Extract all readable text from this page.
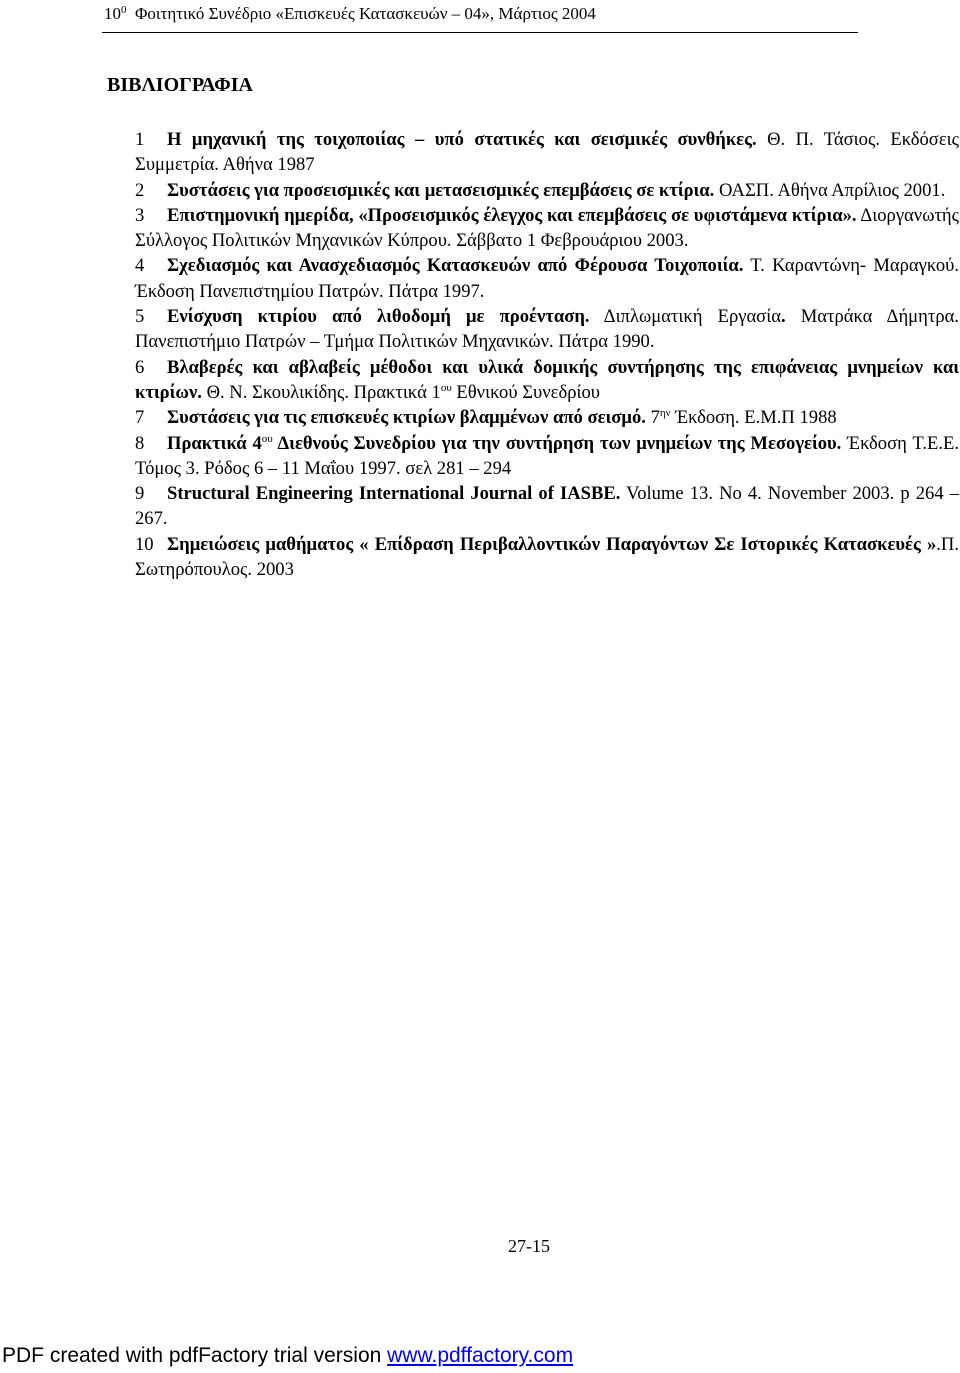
$10^0$ Φοιτητικό Συνέδριο «Επισκευές Κατασκευών – 04», Μάρτιος 2004
ΒΙΒΛΙΟΓΡΑΦΙΑ

1 Η μηχανική της τοιχοποιίας – υπό στατικές και σεισμικές συνθήκες. Θ. Π. Τάσιος. Εκδόσεις Συμμετρία. Αθήνα 1987

2 Συστάσεις για προσεισμικές και μετασεισμικές επεμβάσεις σε κτίρια. ΟΑΣΠ. Αθήνα Απρίλιος 2001.

3 Επιστημονική ημερίδα, «Προσεισμικός έλεγχος και επεμβάσεις σε υφιστάμενα κτίρια». Διοργανωτής Σύλλογος Πολιτικών Μηχανικών Κύπρου. Σάββατο 1 Φεβρουάριου 2003.

4 Σχεδιασμός και Ανασχεδιασμός Κατασκευών από Φέρουσα Τοιχοποιία. Τ. Καραντώνη- Μαραγκού. Έκδοση Πανεπιστημίου Πατρών. Πάτρα 1997.

5 Ενίσχυση κτιρίου από λιθοδομή με προένταση. Διπλωματική Εργασία. Ματράκα Δήμητρα. Πανεπιστήμιο Πατρών – Τμήμα Πολιτικών Μηχανικών. Πάτρα 1990.

6 Βλαβερές και αβλαβείς μέθοδοι και υλικά δομικής συντήρησης της επιφάνειας μνημείων και κτιρίων. Θ. Ν. Σκουλικίδης. Πρακτικά $1^{o\upsilon}$ Εθνικού Συνεδρίου

7 Συστάσεις για τις επισκευές κτιρίων βλαμμένων από σεισμό. $7^{\eta\nu}$ Έκδοση. Ε.Μ.Π 1988

8 Πρακτικά $4^{o\upsilon}$ Διεθνούς Συνεδρίου για την συντήρηση των μνημείων της Μεσογείου. Έκδοση Τ.Ε.Ε. Τόμος 3. Ρόδος 6 – 11 Μαΐου 1997. σελ 281 – 294

9 Structural Engineering International Journal of IASBE. Volume 13. No 4. November 2003. p 264 – 267.

10 Σημειώσεις μαθήματος « Επίδραση Περιβαλλοντικών Παραγόντων Σε Ιστορικές Κατασκευές ».Π. Σωτηρόπουλος. 2003

27-15
PDF created with pdfFactory trial version www.pdffactory.com
